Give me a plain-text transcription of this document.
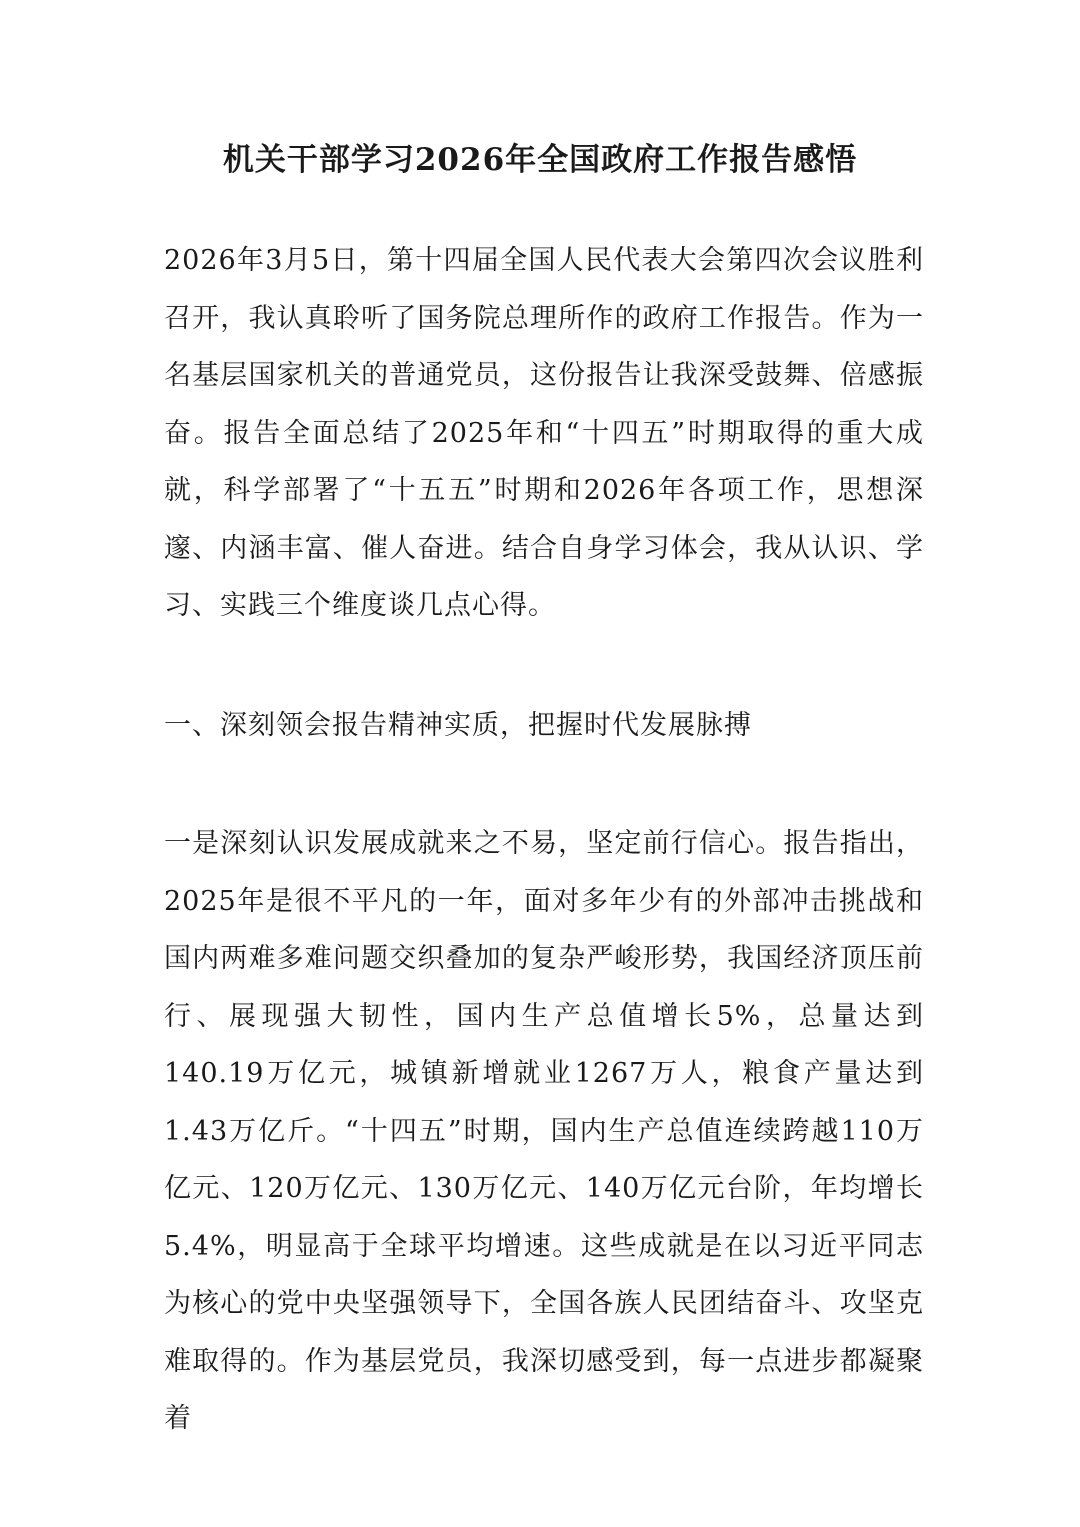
机关干部学习2026年全国政府工作报告感悟

2026年3月5日，第十四届全国人民代表大会第四次会议胜利召开，我认真聆听了国务院总理所作的政府工作报告。作为一名基层国家机关的普通党员，这份报告让我深受鼓舞、倍感振奋。报告全面总结了2025年和“十四五”时期取得的重大成就，科学部署了“十五五”时期和2026年各项工作，思想深邃、内涵丰富、催人奋进。结合自身学习体会，我从认识、学习、实践三个维度谈几点心得。

一、深刻领会报告精神实质，把握时代发展脉搏

一是深刻认识发展成就来之不易，坚定前行信心。报告指出，2025年是很不平凡的一年，面对多年少有的外部冲击挑战和国内两难多难问题交织叠加的复杂严峻形势，我国经济顶压前行、展现强大韧性，国内生产总值增长5%，总量达到140.19万亿元，城镇新增就业1267万人，粮食产量达到1.43万亿斤。“十四五”时期，国内生产总值连续跨越110万亿元、120万亿元、130万亿元、140万亿元台阶，年均增长5.4%，明显高于全球平均增速。这些成就是在以习近平同志为核心的党中央坚强领导下，全国各族人民团结奋斗、攻坚克难取得的。作为基层党员，我深切感受到，每一点进步都凝聚着
